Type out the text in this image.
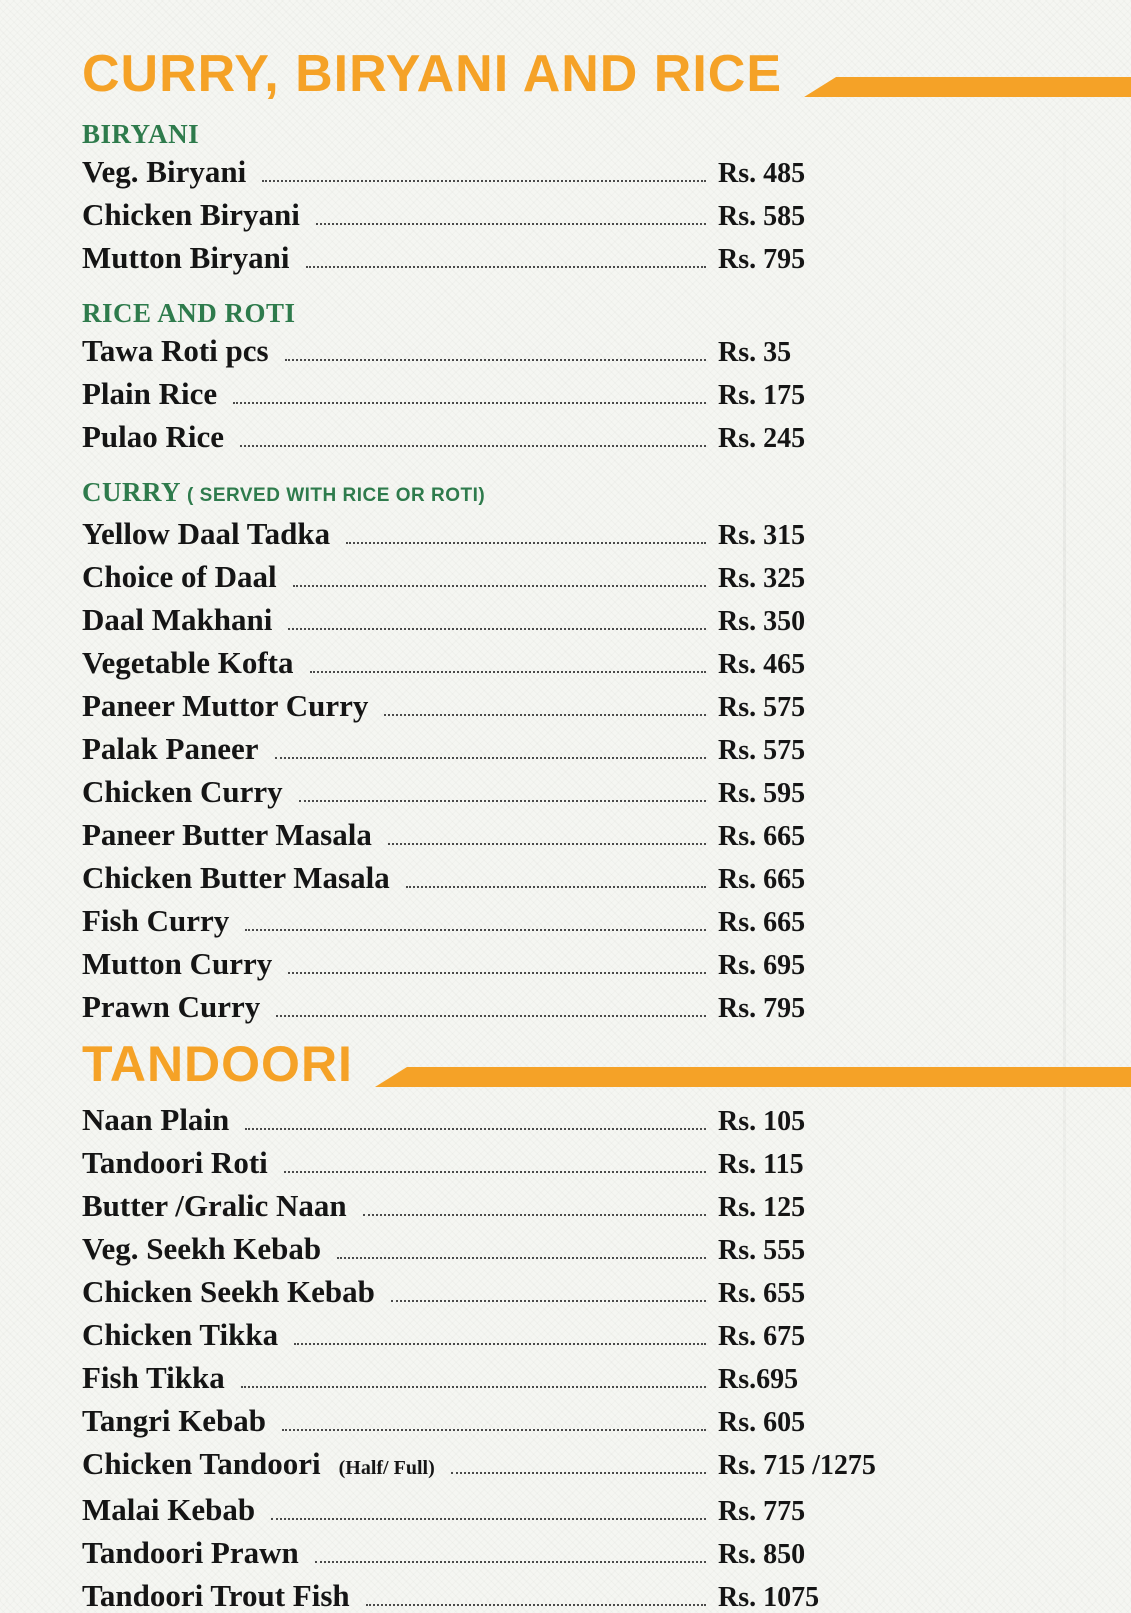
CURRY, BIRYANI AND RICE
BIRYANI
Veg. Biryani	Rs. 485
Chicken Biryani	Rs. 585
Mutton Biryani	Rs. 795
RICE AND ROTI
Tawa Roti pcs	Rs. 35
Plain Rice	Rs. 175
Pulao Rice	Rs. 245
CURRY ( SERVED WITH RICE OR ROTI)
Yellow Daal Tadka	Rs. 315
Choice of Daal	Rs. 325
Daal Makhani	Rs. 350
Vegetable Kofta	Rs. 465
Paneer Muttor Curry	Rs. 575
Palak Paneer	Rs. 575
Chicken Curry	Rs. 595
Paneer Butter Masala	Rs. 665
Chicken Butter Masala	Rs. 665
Fish Curry	Rs. 665
Mutton Curry	Rs. 695
Prawn Curry	Rs. 795
TANDOORI
Naan Plain	Rs. 105
Tandoori Roti	Rs. 115
Butter /Gralic Naan	Rs. 125
Veg. Seekh Kebab	Rs. 555
Chicken Seekh Kebab	Rs. 655
Chicken Tikka	Rs. 675
Fish Tikka	Rs.695
Tangri Kebab	Rs. 605
Chicken Tandoori (Half/ Full)	Rs. 715 /1275
Malai Kebab	Rs. 775
Tandoori Prawn	Rs. 850
Tandoori Trout Fish	Rs. 1075
